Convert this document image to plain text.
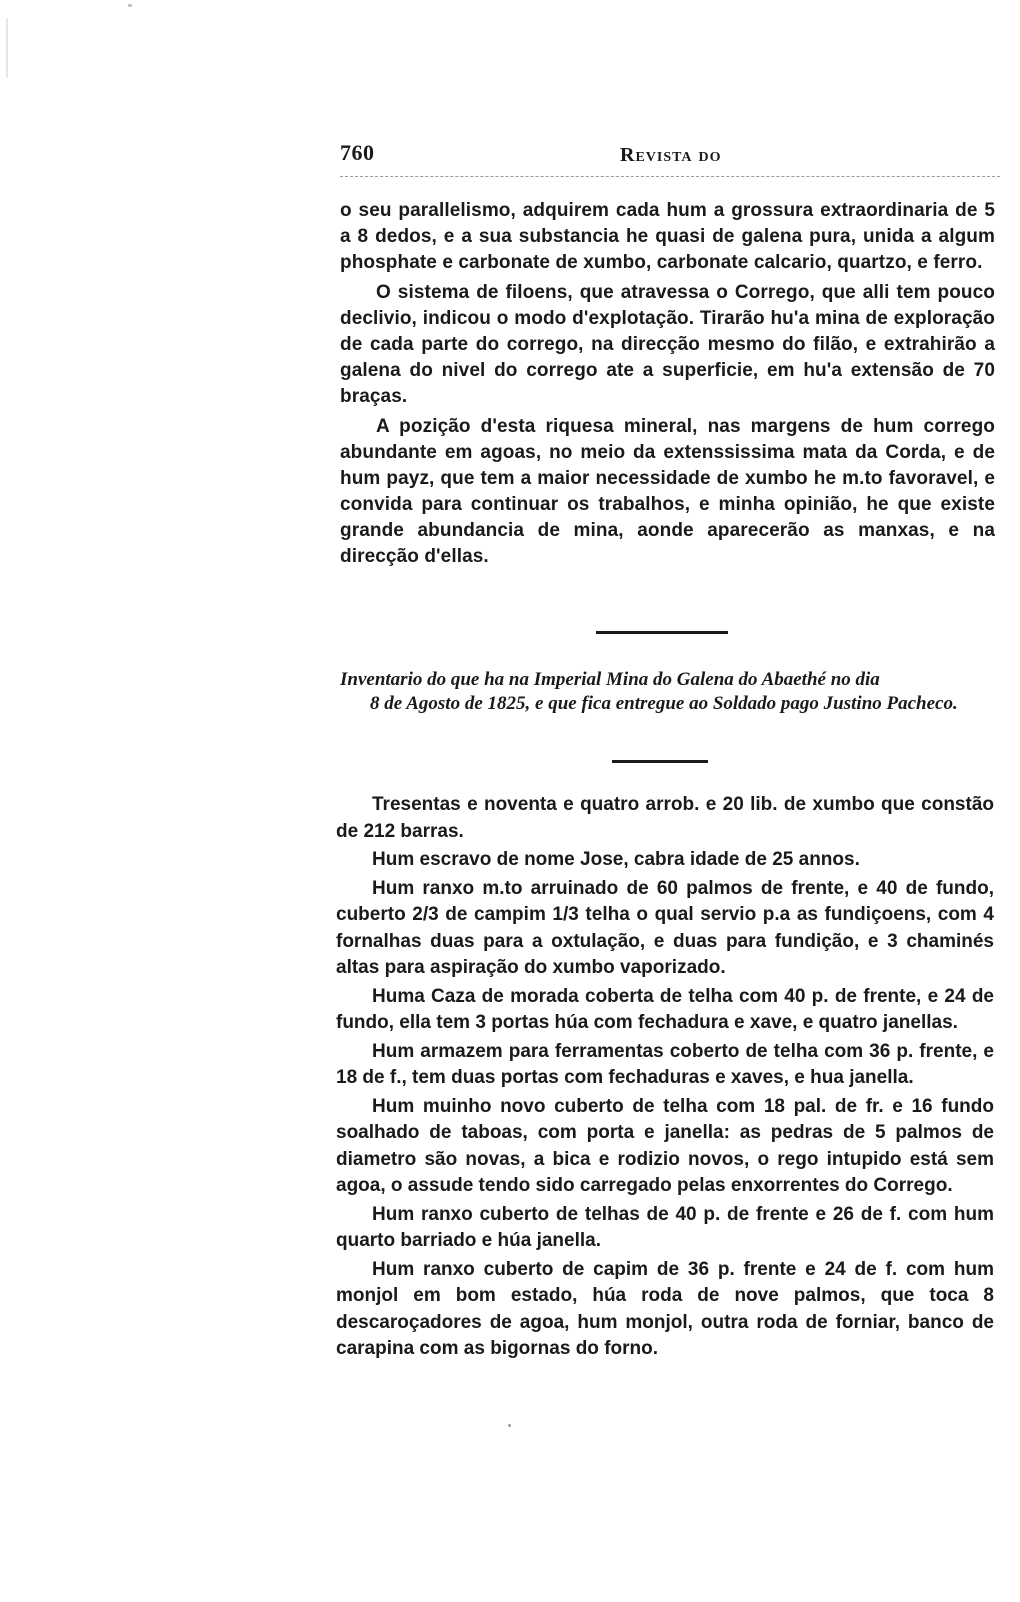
760	Revista do

o seu parallelismo, adquirem cada hum a grossura extraordinaria de 5 a 8 dedos, e a sua substancia he quasi de galena pura, unida a algum phosphate e carbonate de xumbo, carbonate calcario, quartzo, e ferro.

O sistema de filoens, que atravessa o Corrego, que alli tem pouco declivio, indicou o modo d'explotação. Tirarão hu'a mina de exploração de cada parte do corrego, na direcção mesmo do filão, e extrahirão a galena do nivel do corrego ate a superficie, em hu'a extensão de 70 braças.

A pozição d'esta riquesa mineral, nas margens de hum corrego abundante em agoas, no meio da extenssissima mata da Corda, e de hum payz, que tem a maior necessidade de xumbo he m.to favoravel, e convida para continuar os trabalhos, e minha opinião, he que existe grande abundancia de mina, aonde aparecerão as manxas, e na direcção d'ellas.

Inventario do que ha na Imperial Mina do Galena do Abaethé no dia
8 de Agosto de 1825, e que fica entregue ao Soldado pago Justino Pacheco.

Tresentas e noventa e quatro arrob. e 20 lib. de xumbo que constão de 212 barras.

Hum escravo de nome Jose, cabra idade de 25 annos.

Hum ranxo m.to arruinado de 60 palmos de frente, e 40 de fundo, cuberto 2/3 de campim 1/3 telha o qual servio p.a as fundiçoens, com 4 fornalhas duas para a oxtulação, e duas para fundição, e 3 chaminés altas para aspiração do xumbo vaporizado.

Huma Caza de morada coberta de telha com 40 p. de frente, e 24 de fundo, ella tem 3 portas húa com fechadura e xave, e quatro janellas.

Hum armazem para ferramentas coberto de telha com 36 p. frente, e 18 de f., tem duas portas com fechaduras e xaves, e hua janella.

Hum muinho novo cuberto de telha com 18 pal. de fr. e 16 fundo soalhado de taboas, com porta e janella: as pedras de 5 palmos de diametro são novas, a bica e rodizio novos, o rego intupido está sem agoa, o assude tendo sido carregado pelas enxorrentes do Corrego.

Hum ranxo cuberto de telhas de 40 p. de frente e 26 de f. com hum quarto barriado e húa janella.

Hum ranxo cuberto de capim de 36 p. frente e 24 de f. com hum monjol em bom estado, húa roda de nove palmos, que toca 8 descaroçadores de agoa, hum monjol, outra roda de forniar, banco de carapina com as bigornas do forno.
